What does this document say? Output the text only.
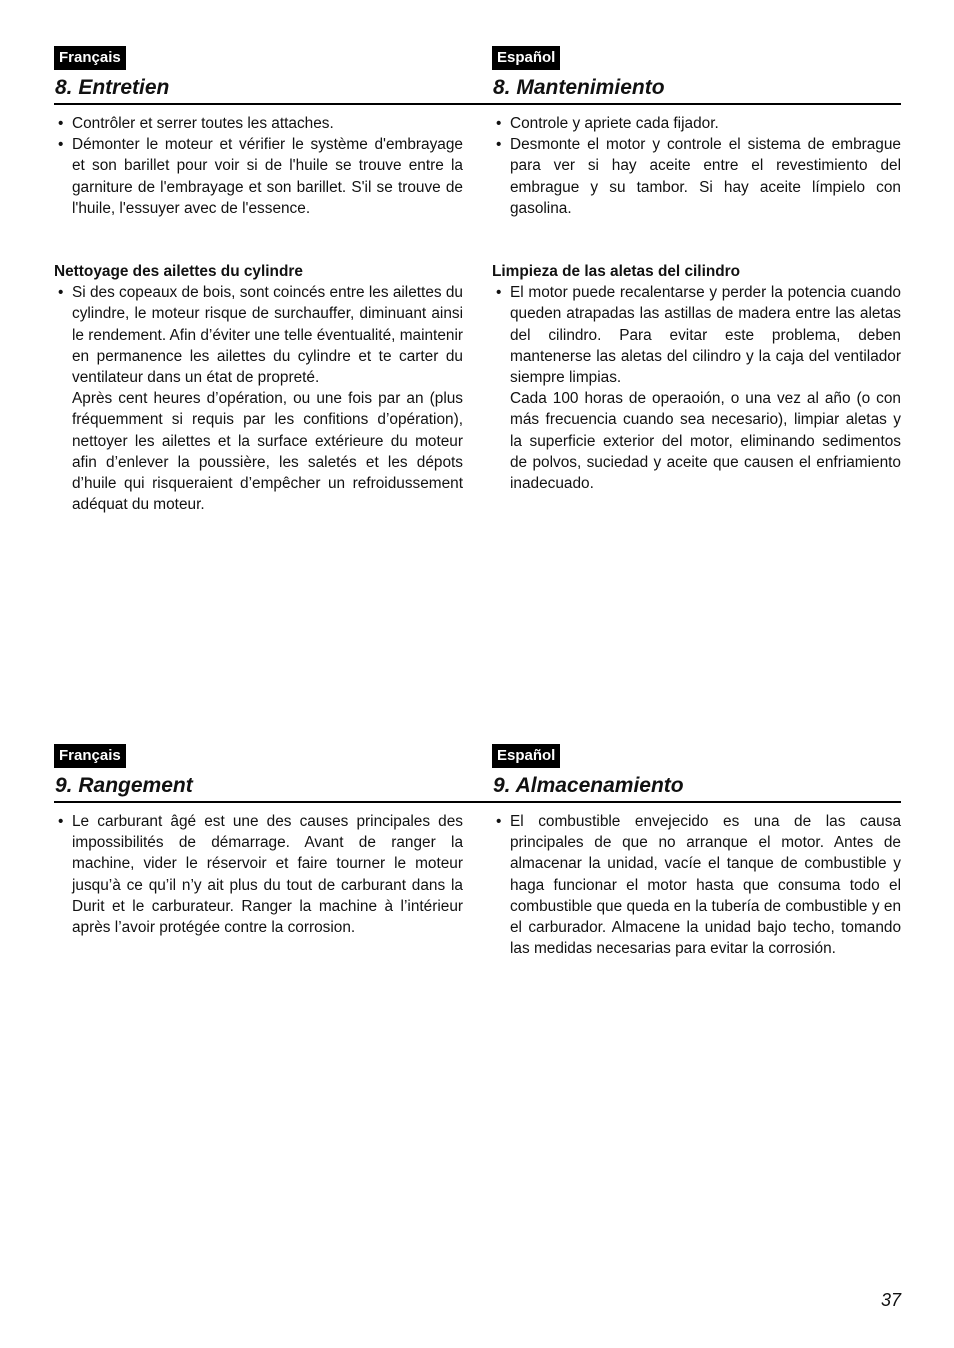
Français
8. Entretien
Español
8. Mantenimiento
• Contrôler et serrer toutes les attaches.
• Démonter le moteur et vérifier le système d'embrayage et son barillet pour voir si de l'huile se trouve entre la garniture de l'embrayage et son barillet. S'il se trouve de l'huile, l'essuyer avec de l'essence.

Nettoyage des ailettes du cylindre

• Si des copeaux de bois, sont coincés entre les ailettes du cylindre, le moteur risque de surchauffer, diminuant ainsi le rendement. Afin d’éviter une telle éventualité, maintenir en permanence les ailettes du cylindre et te carter du ventilateur dans un état de propreté.
Après cent heures d’opération, ou une fois par an (plus fréquemment si requis par les confitions d’opération), nettoyer les ailettes et la surface extérieure du moteur afin d’enlever la poussière, les saletés et les dépots d’huile qui risqueraient d’empêcher un refroidussement adéquat du moteur.
• Controle y apriete cada fijador.
• Desmonte el motor y controle el sistema de embrague para ver si hay aceite entre el revestimiento del embrague y su tambor. Si hay aceite límpielo con gasolina.

Limpieza de las aletas del cilindro

• El motor puede recalentarse y perder la potencia cuando queden atrapadas las astillas de madera entre las aletas del cilindro. Para evitar este problema, deben mantenerse las aletas del cilindro y la caja del ventilador siempre limpias.
Cada 100 horas de operaoión, o una vez al año (o con más frecuencia cuando sea necesario), limpiar aletas y la superficie exterior del motor, eliminando sedimentos de polvos, suciedad y aceite que causen el enfriamiento inadecuado.
Français
9. Rangement
Español
9. Almacenamiento
• Le carburant âgé est une des causes principales des impossibilités de démarrage. Avant de ranger la machine, vider le réservoir et faire tourner le moteur jusqu’à ce qu’il n’y ait plus du tout de carburant dans la Durit et le carburateur. Ranger la machine à l’intérieur après l’avoir protégée contre la corrosion.
• El combustible envejecido es una de las causa principales de que no arranque el motor. Antes de almacenar la unidad, vacíe el tanque de combustible y haga funcionar el motor hasta que consuma todo el combustible que queda en la tubería de combustible y en el carburador. Almacene la unidad bajo techo, tomando las medidas necesarias para evitar la corrosión.
37
